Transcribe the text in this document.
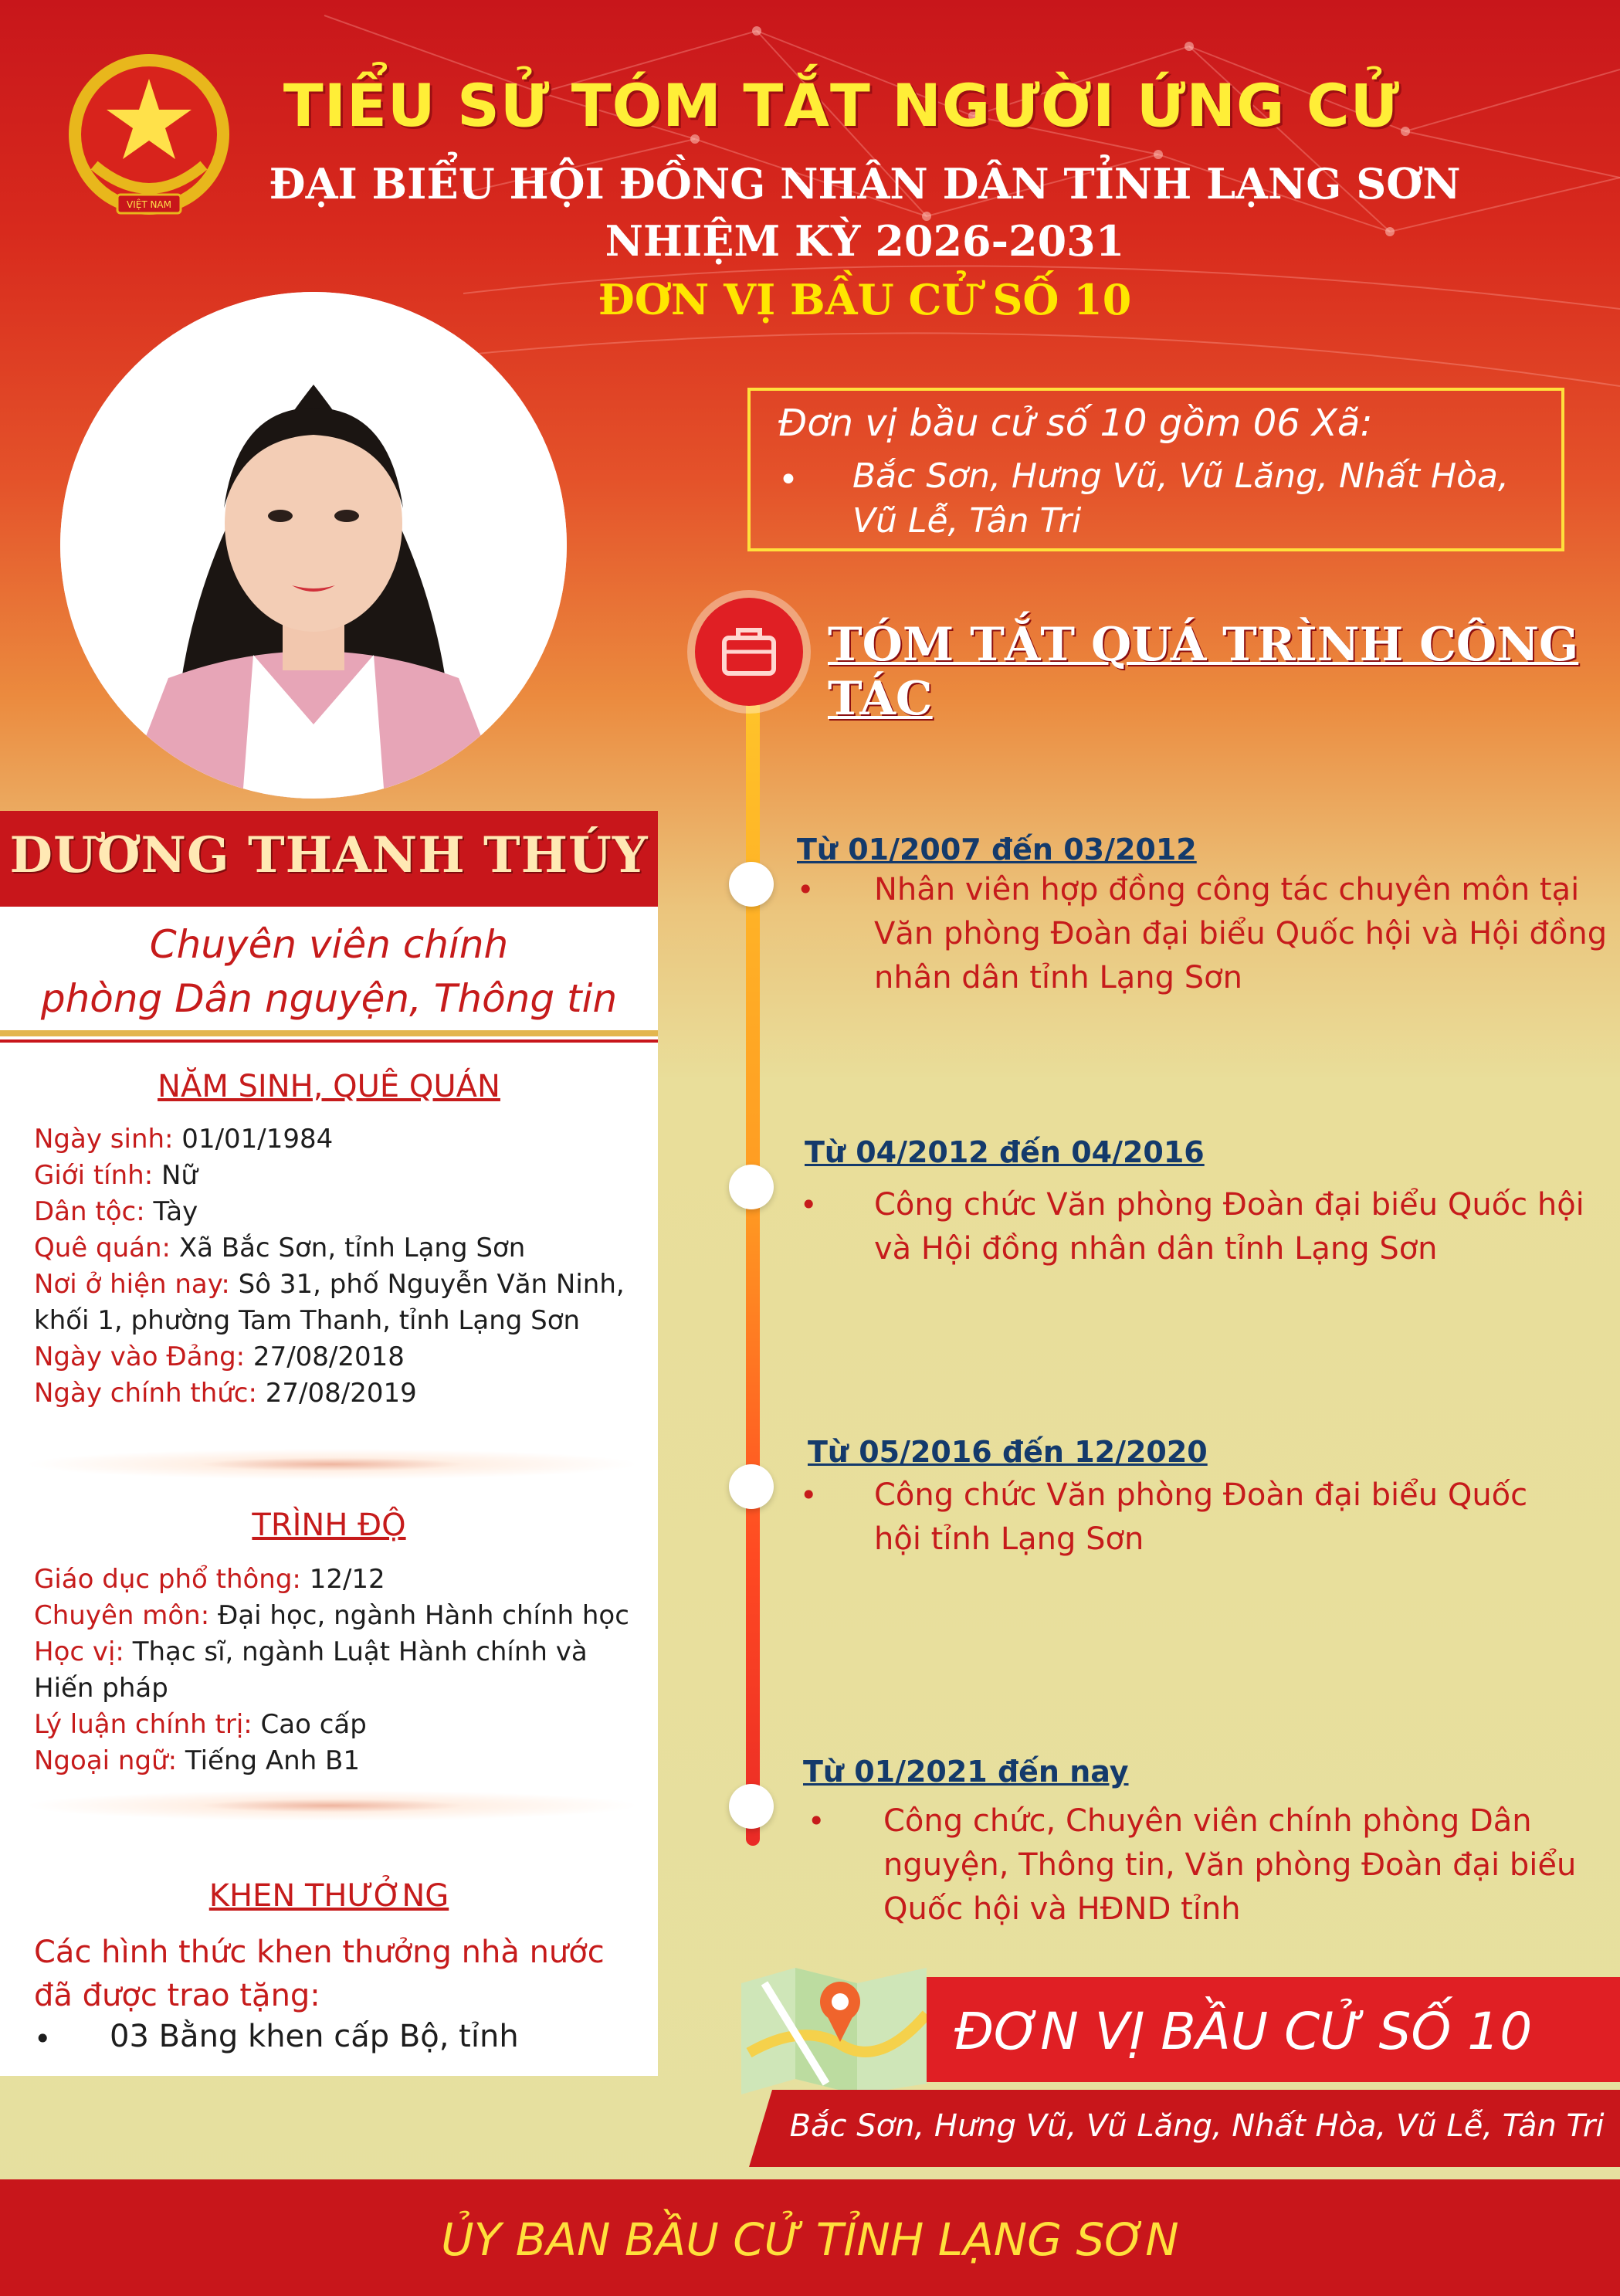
VIỆT NAM
TIỂU SỬ TÓM TẮT NGƯỜI ỨNG CỬ
ĐẠI BIỂU HỘI ĐỒNG NHÂN DÂN TỈNH LẠNG SƠN
NHIỆM KỲ 2026-2031
ĐƠN VỊ BẦU CỬ SỐ 10
Đơn vị bầu cử số 10 gồm 06 Xã:
• Bắc Sơn, Hưng Vũ, Vũ Lăng, Nhất Hòa, Vũ Lễ, Tân Tri
TÓM TẮT QUÁ TRÌNH CÔNG TÁC
Từ 01/2007 đến 03/2012
• Nhân viên hợp đồng công tác chuyên môn tại Văn phòng Đoàn đại biểu Quốc hội và Hội đồng nhân dân tỉnh Lạng Sơn
Từ 04/2012 đến 04/2016
• Công chức Văn phòng Đoàn đại biểu Quốc hội và Hội đồng nhân dân tỉnh Lạng Sơn
Từ 05/2016 đến 12/2020
• Công chức Văn phòng Đoàn đại biểu Quốc hội tỉnh Lạng Sơn
Từ 01/2021 đến nay
• Công chức, Chuyên viên chính phòng Dân nguyện, Thông tin, Văn phòng Đoàn đại biểu Quốc hội và HĐND tỉnh
DƯƠNG THANH THÚY
Chuyên viên chính
phòng Dân nguyện, Thông tin
NĂM SINH, QUÊ QUÁN
Ngày sinh: 01/01/1984
Giới tính: Nữ
Dân tộc: Tày
Quê quán: Xã Bắc Sơn, tỉnh Lạng Sơn
Nơi ở hiện nay: Sô 31, phố Nguyễn Văn Ninh, khối 1, phường Tam Thanh, tỉnh Lạng Sơn
Ngày vào Đảng: 27/08/2018
Ngày chính thức: 27/08/2019
TRÌNH ĐỘ
Giáo dục phổ thông: 12/12
Chuyên môn: Đại học, ngành Hành chính học
Học vị: Thạc sĩ, ngành Luật Hành chính và Hiến pháp
Lý luận chính trị: Cao cấp
Ngoại ngữ: Tiếng Anh B1
KHEN THƯỞNG
Các hình thức khen thưởng nhà nước đã được trao tặng:
• 03 Bằng khen cấp Bộ, tỉnh	ĐƠN VỊ BẦU CỬ SỐ 10
Bắc Sơn, Hưng Vũ, Vũ Lăng, Nhất Hòa, Vũ Lễ, Tân Tri
ỦY BAN BẦU CỬ TỈNH LẠNG SƠN
